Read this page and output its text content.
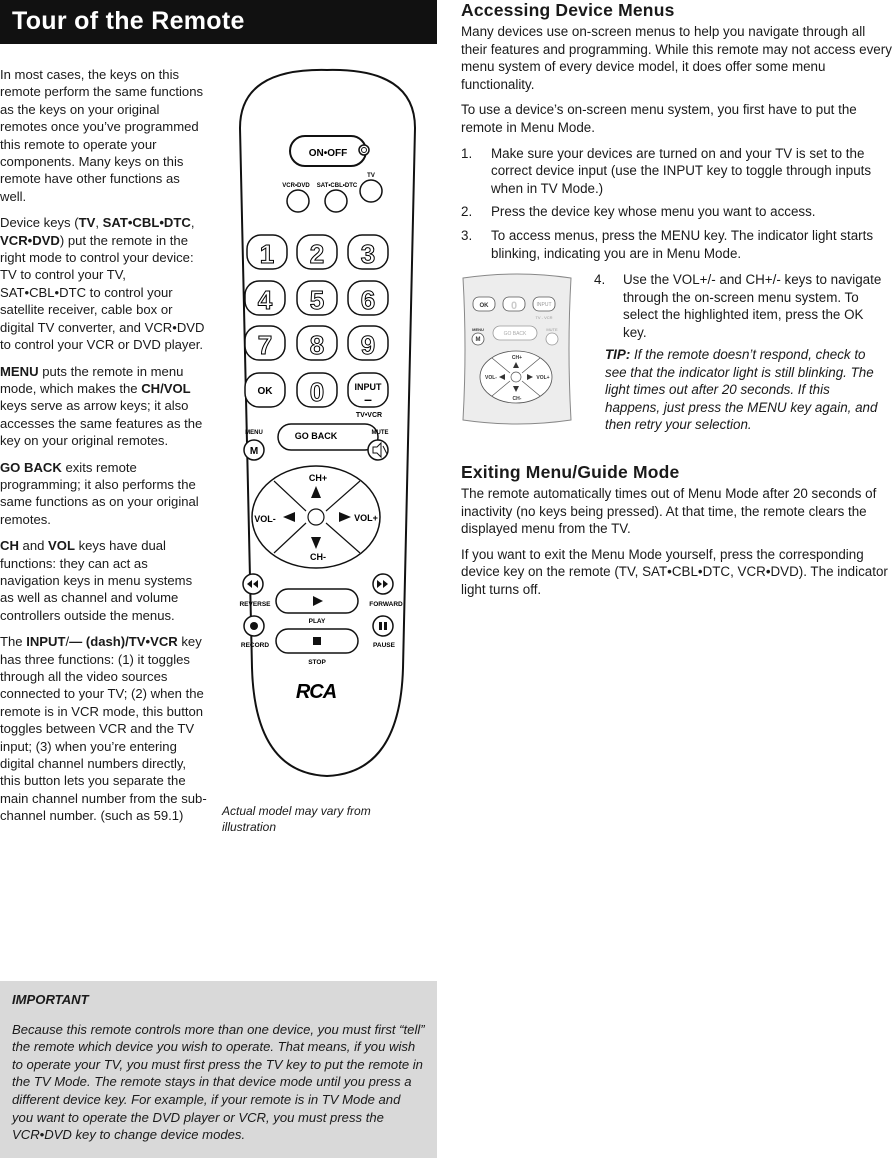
Tour of the Remote

In most cases, the keys on this remote perform the same functions as the keys on your original remotes once you’ve programmed this remote to operate your components. Many keys on this remote have other functions as well.

Device keys (TV, SAT•CBL•DTC, VCR•DVD) put the remote in the right mode to control your device: TV to control your TV, SAT•CBL•DTC to control your satellite receiver, cable box or digital TV converter, and VCR•DVD to control your VCR or DVD player.

MENU puts the remote in menu mode, which makes the CH/VOL keys serve as arrow keys; it also accesses the same features as the key on your original remotes.

GO BACK exits remote programming; it also performs the same functions as on your original remotes.

CH and VOL keys have dual functions: they can act as navigation keys in menu systems as well as channel and volume controllers outside the menus.

The INPUT/— (dash)/TV•VCR key has three functions: (1) it toggles through all the video sources connected to your TV; (2) when the remote is in VCR mode, this button toggles between VCR and the TV input; (3) when you’re entering digital channel numbers directly, this button lets you separate the main channel number from the sub-channel number. (such as 59.1)

ON•OFF
VCR•DVD SAT•CBL•DTC
TV
1 2 3
4 5 6
7 8 9
OK 0	INPUT
–
TV•VCR
MENU
M
GO BACK	MUTE
CH+
CH-
VOL-	VOL+
REVERSE
PLAY
FORWARD
RECORD
STOP
PAUSE
RCA
Actual model may vary from illustration
IMPORTANT
Because this remote controls more than one device, you must first “tell” the remote which device you wish to operate. That means, if you wish to operate your TV, you must first press the TV key to put the remote in the TV Mode. The remote stays in that device mode until you press a different device key. For example, if your remote is in TV Mode and you want to operate the DVD player or VCR, you must press the VCR•DVD key to change device modes.
Accessing Device Menus

Many devices use on-screen menus to help you navigate through all their features and programming. While this remote may not access every menu system of every device model, it does offer some menu functionality.

To use a device’s on-screen menu system, you first have to put the remote in Menu Mode.

1. Make sure your devices are turned on and your TV is set to the correct device input (use the INPUT key to toggle through inputs when in TV Mode.)
2. Press the device key whose menu you want to access.
3. To access menus, press the MENU key. The indicator light starts blinking, indicating you are in Menu Mode.
OK 0	INPUT
TV - VCR
MENU
M
GO BACK
MUTE
CH+
CH-
VOL-	VOL+
4.	Use the VOL+/- and CH+/- keys to navigate through the on-screen menu system. To select the highlighted item, press the OK key.
TIP: If the remote doesn’t respond, check to see that the indicator light is still blinking. The light times out after 20 seconds. If this happens, just press the MENU key again, and then retry your selection.
Exiting Menu/Guide Mode

The remote automatically times out of Menu Mode after 20 seconds of inactivity (no keys being pressed). At that time, the remote clears the displayed menu from the TV.

If you want to exit the Menu Mode yourself, press the corresponding device key on the remote (TV, SAT•CBL•DTC, VCR•DVD). The indicator light turns off.
